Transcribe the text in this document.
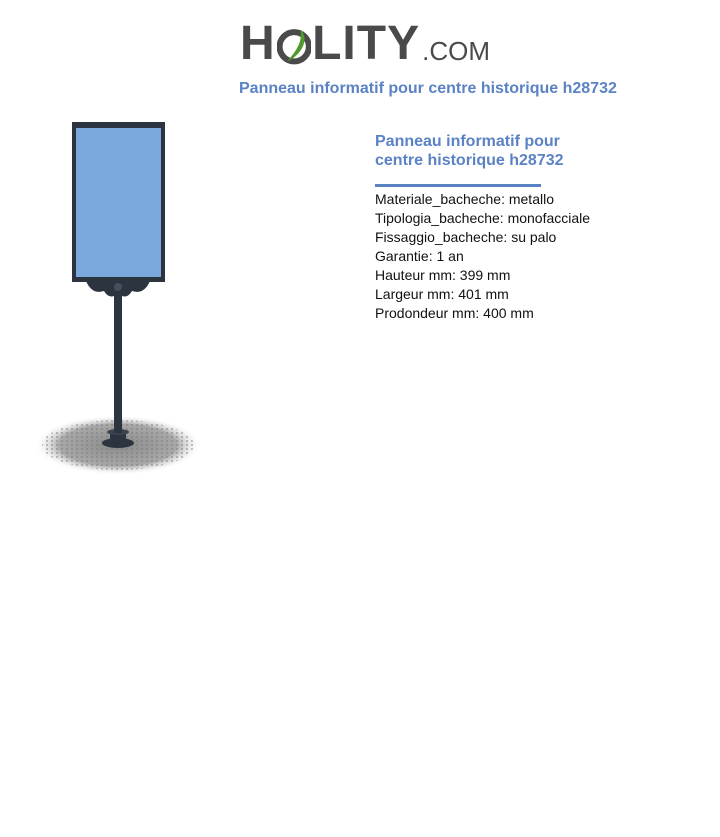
H LITY .COM
Panneau informatif pour centre historique h28732
Panneau informatif pour centre historique h28732
Materiale_bacheche: metallo
Tipologia_bacheche: monofacciale
Fissaggio_bacheche: su palo
Garantie: 1 an
Hauteur mm: 399 mm
Largeur mm: 401 mm
Prodondeur mm: 400 mm
